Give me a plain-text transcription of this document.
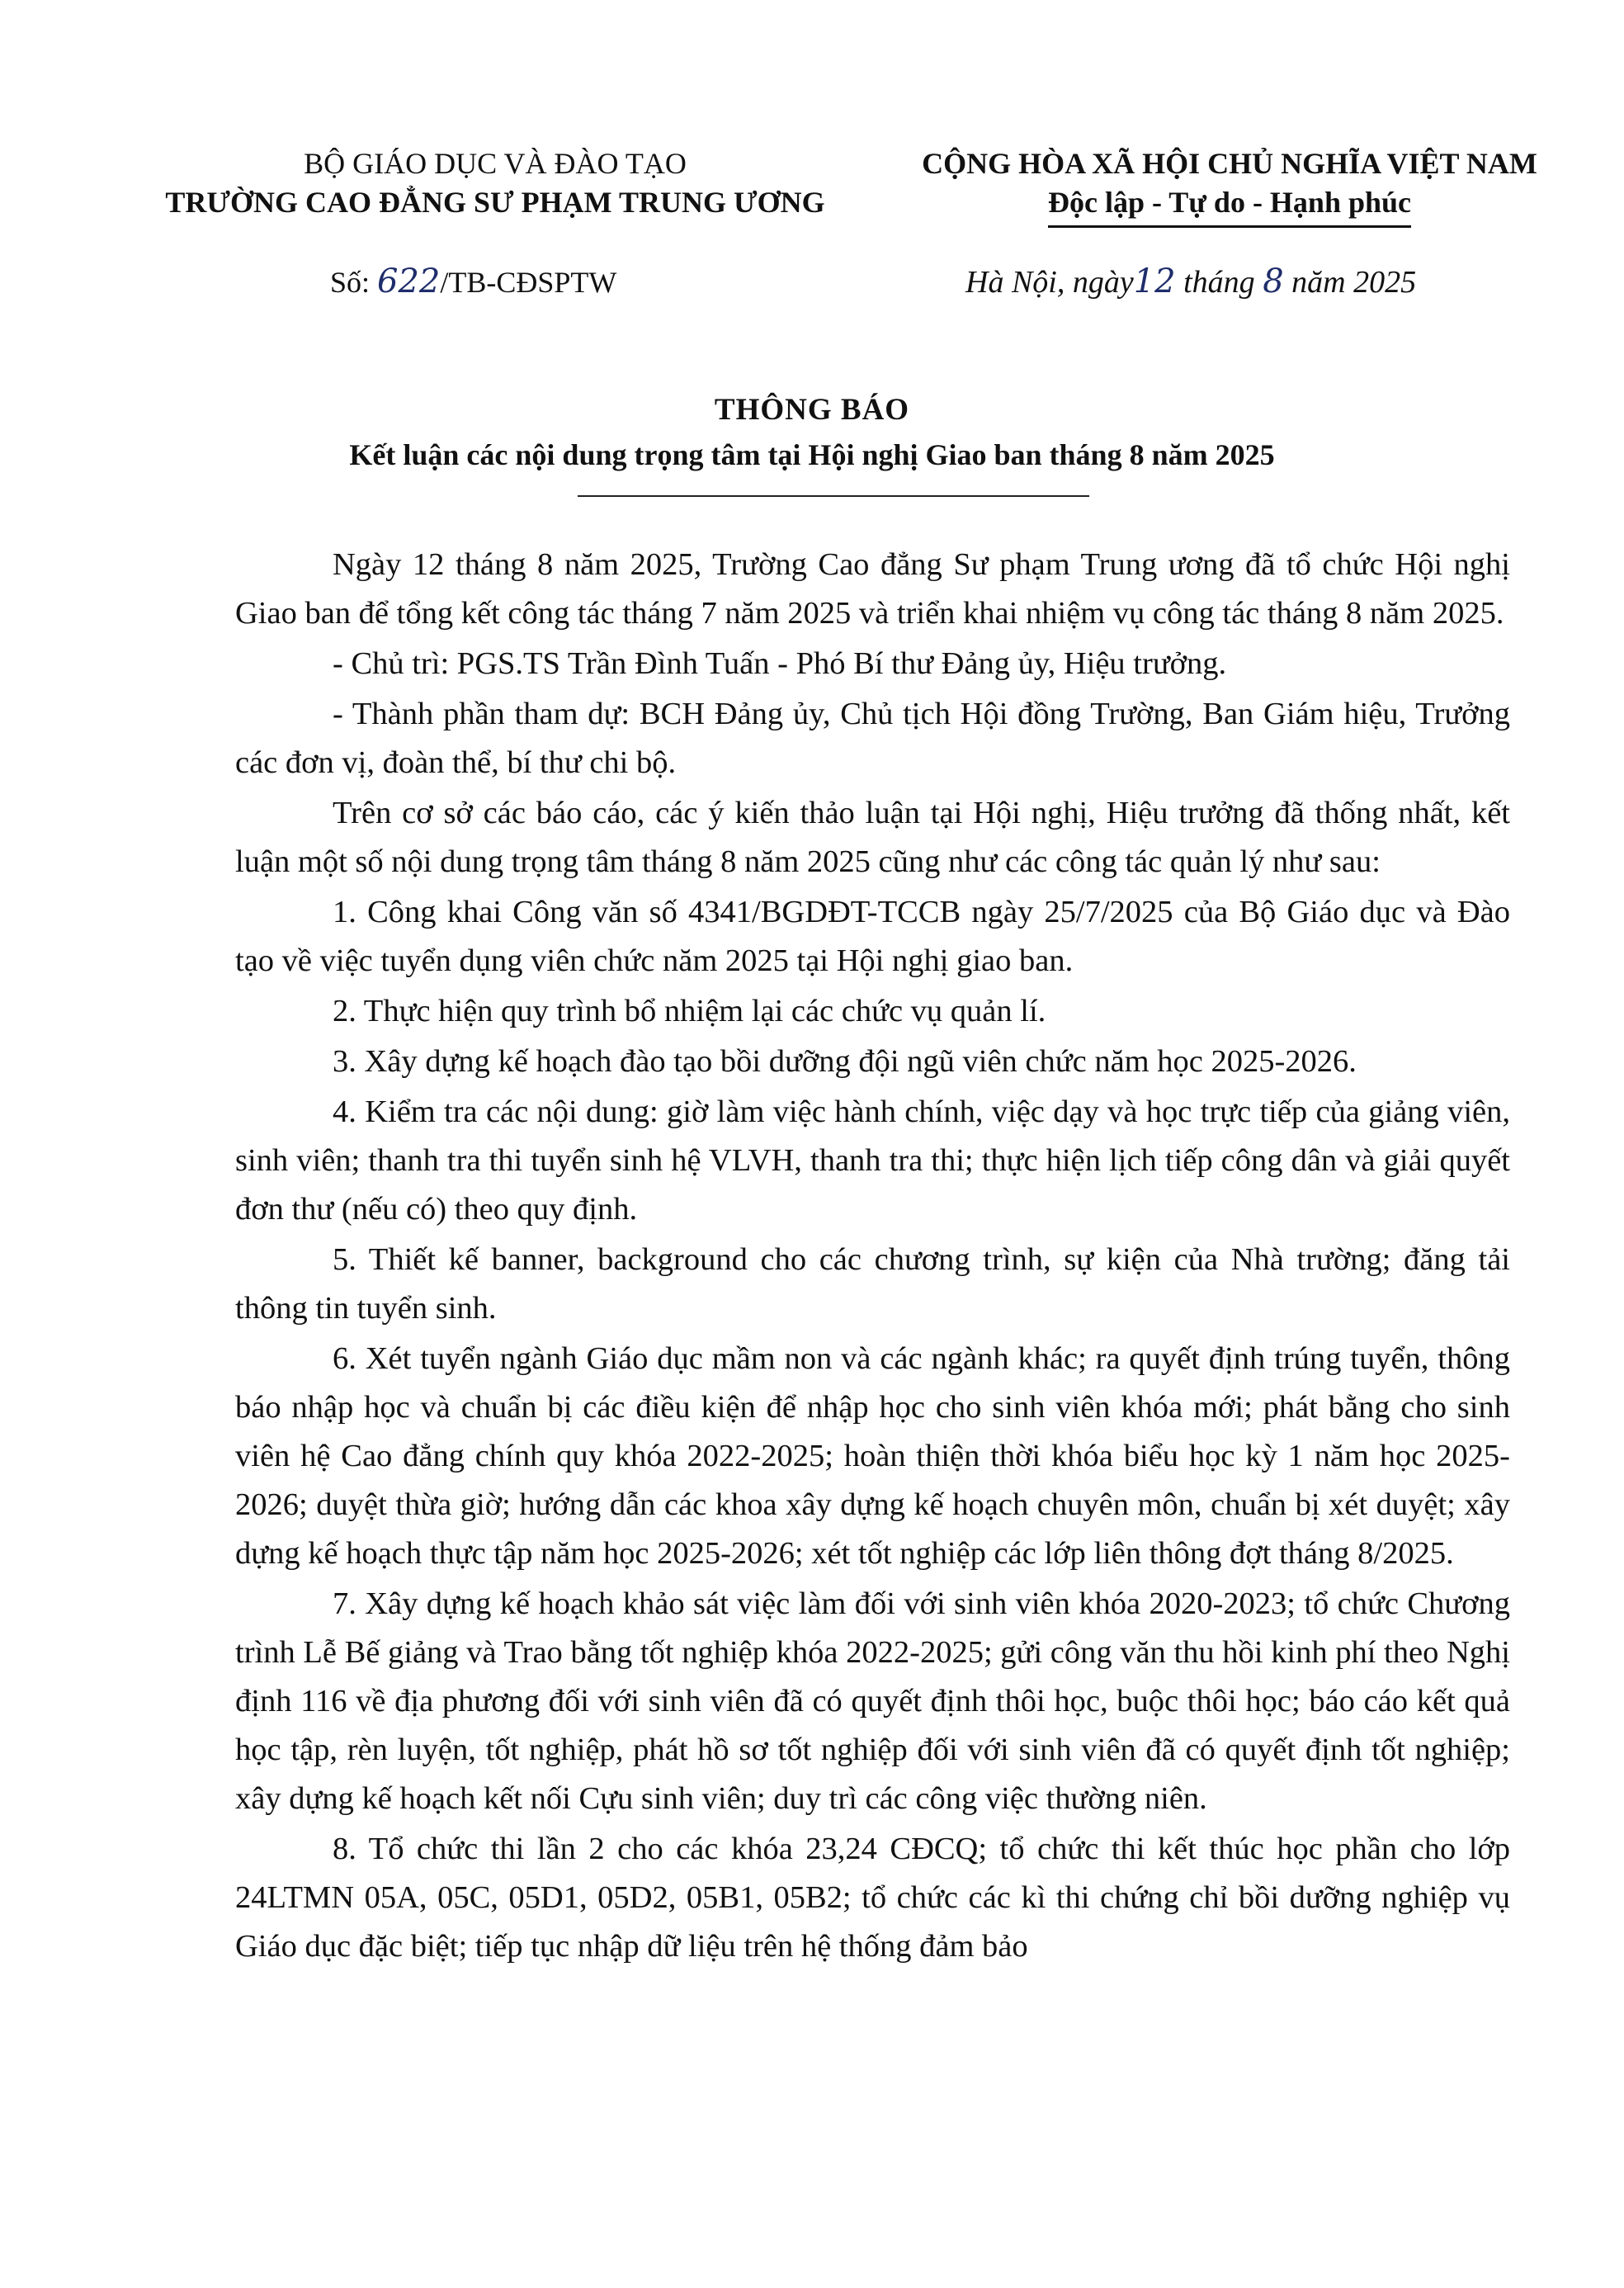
BỘ GIÁO DỤC VÀ ĐÀO TẠO
TRƯỜNG CAO ĐẲNG SƯ PHẠM TRUNG ƯƠNG
CỘNG HÒA XÃ HỘI CHỦ NGHĨA VIỆT NAM
Độc lập - Tự do - Hạnh phúc
Số: 622/TB-CĐSPTW	Hà Nội, ngày12 tháng 8 năm 2025
THÔNG BÁO
Kết luận các nội dung trọng tâm tại Hội nghị Giao ban tháng 8 năm 2025

Ngày 12 tháng 8 năm 2025, Trường Cao đẳng Sư phạm Trung ương đã tổ chức Hội nghị Giao ban để tổng kết công tác tháng 7 năm 2025 và triển khai nhiệm vụ công tác tháng 8 năm 2025.

- Chủ trì: PGS.TS Trần Đình Tuấn - Phó Bí thư Đảng ủy, Hiệu trưởng.

- Thành phần tham dự: BCH Đảng ủy, Chủ tịch Hội đồng Trường, Ban Giám hiệu, Trưởng các đơn vị, đoàn thể, bí thư chi bộ.

Trên cơ sở các báo cáo, các ý kiến thảo luận tại Hội nghị, Hiệu trưởng đã thống nhất, kết luận một số nội dung trọng tâm tháng 8 năm 2025 cũng như các công tác quản lý như sau:

1. Công khai Công văn số 4341/BGDĐT-TCCB ngày 25/7/2025 của Bộ Giáo dục và Đào tạo về việc tuyển dụng viên chức năm 2025 tại Hội nghị giao ban.

2. Thực hiện quy trình bổ nhiệm lại các chức vụ quản lí.

3. Xây dựng kế hoạch đào tạo bồi dưỡng đội ngũ viên chức năm học 2025-2026.

4. Kiểm tra các nội dung: giờ làm việc hành chính, việc dạy và học trực tiếp của giảng viên, sinh viên; thanh tra thi tuyển sinh hệ VLVH, thanh tra thi; thực hiện lịch tiếp công dân và giải quyết đơn thư (nếu có) theo quy định.

5. Thiết kế banner, background cho các chương trình, sự kiện của Nhà trường; đăng tải thông tin tuyển sinh.

6. Xét tuyển ngành Giáo dục mầm non và các ngành khác; ra quyết định trúng tuyển, thông báo nhập học và chuẩn bị các điều kiện để nhập học cho sinh viên khóa mới; phát bằng cho sinh viên hệ Cao đẳng chính quy khóa 2022-2025; hoàn thiện thời khóa biểu học kỳ 1 năm học 2025-2026; duyệt thừa giờ; hướng dẫn các khoa xây dựng kế hoạch chuyên môn, chuẩn bị xét duyệt; xây dựng kế hoạch thực tập năm học 2025-2026; xét tốt nghiệp các lớp liên thông đợt tháng 8/2025.

7. Xây dựng kế hoạch khảo sát việc làm đối với sinh viên khóa 2020-2023; tổ chức Chương trình Lễ Bế giảng và Trao bằng tốt nghiệp khóa 2022-2025; gửi công văn thu hồi kinh phí theo Nghị định 116 về địa phương đối với sinh viên đã có quyết định thôi học, buộc thôi học; báo cáo kết quả học tập, rèn luyện, tốt nghiệp, phát hồ sơ tốt nghiệp đối với sinh viên đã có quyết định tốt nghiệp; xây dựng kế hoạch kết nối Cựu sinh viên; duy trì các công việc thường niên.

8. Tổ chức thi lần 2 cho các khóa 23,24 CĐCQ; tổ chức thi kết thúc học phần cho lớp 24LTMN 05A, 05C, 05D1, 05D2, 05B1, 05B2; tổ chức các kì thi chứng chỉ bồi dưỡng nghiệp vụ Giáo dục đặc biệt; tiếp tục nhập dữ liệu trên hệ thống đảm bảo
